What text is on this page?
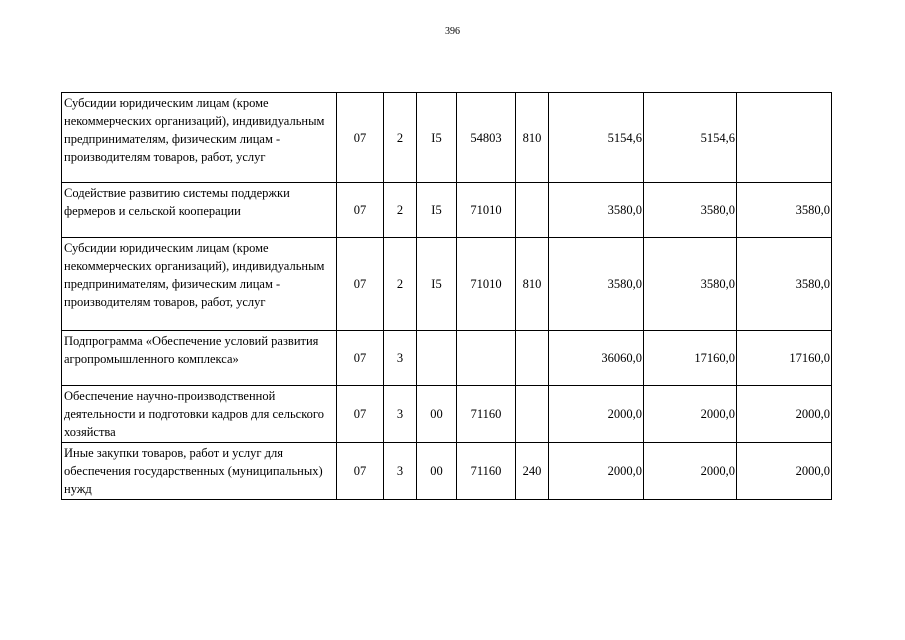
396
Субсидии юридическим лицам (кроме некоммерческих организаций), индивидуальным предпринимателям, физическим лицам - производителям товаров, работ, услуг	07	2	I5	54803	810	5154,6	5154,6	
Содействие развитию системы поддержки фермеров и сельской кооперации	07	2	I5	71010		3580,0	3580,0	3580,0
Субсидии юридическим лицам (кроме некоммерческих организаций), индивидуальным предпринимателям, физическим лицам - производителям товаров, работ, услуг	07	2	I5	71010	810	3580,0	3580,0	3580,0
Подпрограмма «Обеспечение условий развития агропромышленного комплекса»	07	3				36060,0	17160,0	17160,0
Обеспечение научно-производственной деятельности и подготовки кадров для сельского хозяйства	07	3	00	71160		2000,0	2000,0	2000,0
Иные закупки товаров, работ и услуг для обеспечения государственных (муниципальных) нужд	07	3	00	71160	240	2000,0	2000,0	2000,0
